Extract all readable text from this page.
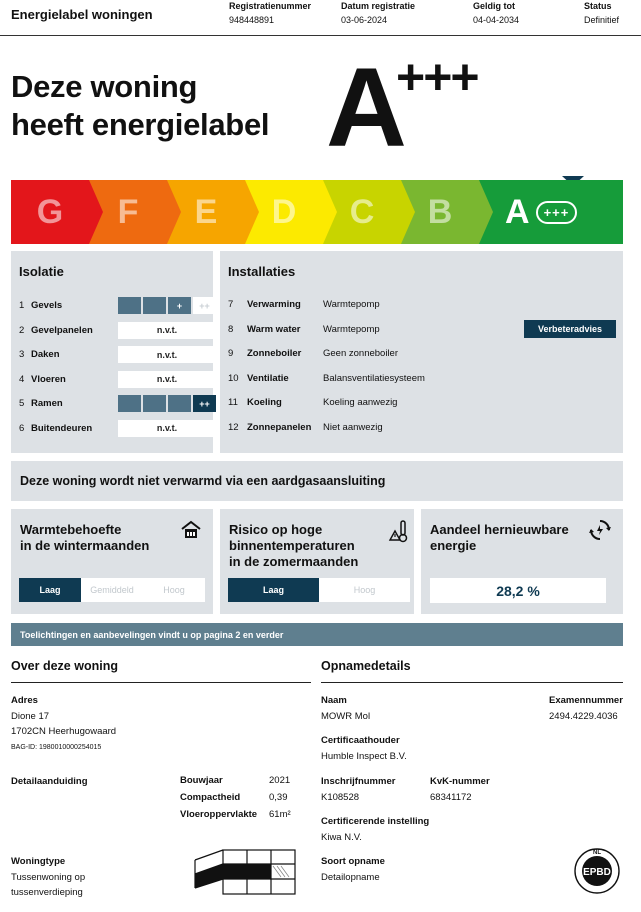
Energielabel woningen
Registratienummer
948448891
Datum registratie
03-06-2024
Geldig tot
04-04-2034
Status
Definitief
Deze woning
heeft energielabel A
+++
G F E D C B A	+++
Isolatie
1 Gevels	+	++
2 Gevelpanelen	n.v.t.
3 Daken	n.v.t.
4 Vloeren	n.v.t.
5 Ramen	++
6 Buitendeuren	n.v.t.
Installaties
7 Verwarming Warmtepomp
8 Warm water Warmtepomp
9 Zonneboiler Geen zonneboiler
10 Ventilatie	Balansventilatiesysteem
11 Koeling	Koeling aanwezig
12 Zonnepanelen Niet aanwezig
Verbeteradvies
Deze woning wordt niet verwarmd via een aardgasaansluiting
Warmtebehoefte
in de wintermaanden
Laag	Gemiddeld	Hoog
Risico op hoge
binnentemperaturen
in de zomermaanden
Laag	Hoog
Aandeel hernieuwbare
energie
28,2 %
Toelichtingen en aanbevelingen vindt u op pagina 2 en verder
Over deze woning
Adres
Dione 17
1702CN Heerhugowaard
BAG-ID: 1980010000254015
Detailaanduiding	Bouwjaar	2021
Compactheid	0,39
Vloeroppervlakte 61m²
Woningtype
Tussenwoning op
tussenverdieping
Opnamedetails
Naam
MOWR Mol
Examennummer
2494.4229.4036
Certificaathouder
Humble Inspect B.V.
Inschrijfnummer
K108528
KvK-nummer
68341172
Certificerende instelling
Kiwa N.V.
Soort opname
Detailopname	EPBD
NL
